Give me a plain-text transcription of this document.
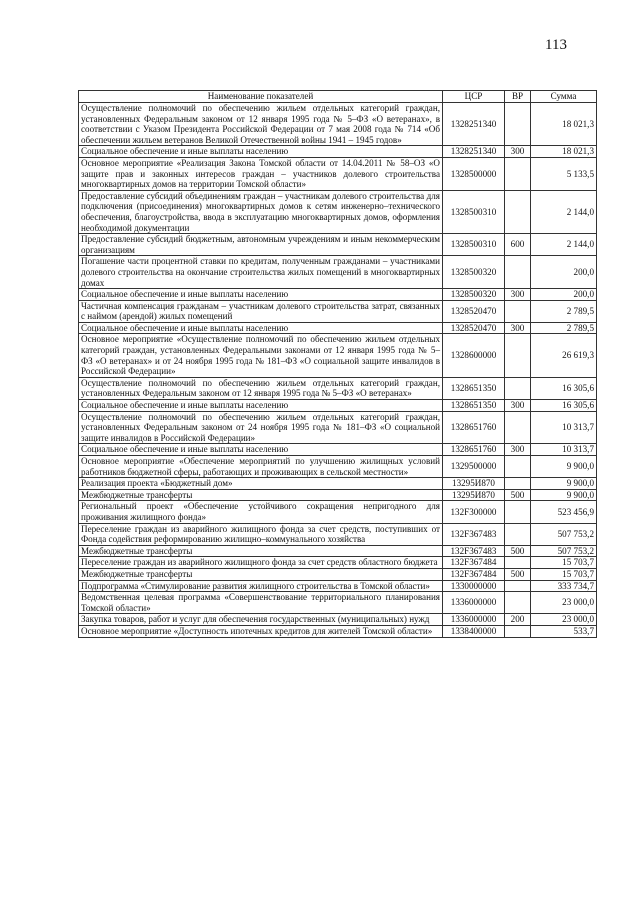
113
Наименование показателей	ЦСР	ВР	Сумма
Осуществление полномочий по обеспечению жильем отдельных категорий граждан, установленных Федеральным законом от 12 января 1995 года № 5–ФЗ «О ветеранах», в соответствии с Указом Президента Российской Федерации от 7 мая 2008 года № 714 «Об обеспечении жильем ветеранов Великой Отечественной войны 1941 – 1945 годов»	1328251340		18 021,3
Социальное обеспечение и иные выплаты населению	1328251340	300	18 021,3
Основное мероприятие «Реализация Закона Томской области от 14.04.2011 № 58–ОЗ «О защите прав и законных интересов граждан – участников долевого строительства многоквартирных домов на территории Томской области»	1328500000		5 133,5
Предоставление субсидий объединениям граждан – участникам долевого строительства для подключения (присоединения) многоквартирных домов к сетям инженерно–технического обеспечения, благоустройства, ввода в эксплуатацию многоквартирных домов, оформления необходимой документации	1328500310		2 144,0
Предоставление субсидий бюджетным, автономным учреждениям и иным некоммерческим организациям	1328500310	600	2 144,0
Погашение части процентной ставки по кредитам, полученным гражданами – участниками долевого строительства на окончание строительства жилых помещений в многоквартирных домах	1328500320		200,0
Социальное обеспечение и иные выплаты населению	1328500320	300	200,0
Частичная компенсация гражданам – участникам долевого строительства затрат, связанных с наймом (арендой) жилых помещений	1328520470		2 789,5
Социальное обеспечение и иные выплаты населению	1328520470	300	2 789,5
Основное мероприятие «Осуществление полномочий по обеспечению жильем отдельных категорий граждан, установленных Федеральными законами от 12 января 1995 года № 5–ФЗ «О ветеранах» и от 24 ноября 1995 года № 181–ФЗ «О социальной защите инвалидов в Российской Федерации»	1328600000		26 619,3
Осуществление полномочий по обеспечению жильем отдельных категорий граждан, установленных Федеральным законом от 12 января 1995 года № 5–ФЗ «О ветеранах»	1328651350		16 305,6
Социальное обеспечение и иные выплаты населению	1328651350	300	16 305,6
Осуществление полномочий по обеспечению жильем отдельных категорий граждан, установленных Федеральным законом от 24 ноября 1995 года № 181–ФЗ «О социальной защите инвалидов в Российской Федерации»	1328651760		10 313,7
Социальное обеспечение и иные выплаты населению	1328651760	300	10 313,7
Основное мероприятие «Обеспечение мероприятий по улучшению жилищных условий работников бюджетной сферы, работающих и проживающих в сельской местности»	1329500000		9 900,0
Реализация проекта «Бюджетный дом»	13295И870		9 900,0
Межбюджетные трансферты	13295И870	500	9 900,0
Региональный проект «Обеспечение устойчивого сокращения непригодного для проживания жилищного фонда»	132F300000		523 456,9
Переселение граждан из аварийного жилищного фонда за счет средств, поступивших от Фонда содействия реформированию жилищно–коммунального хозяйства	132F367483		507 753,2
Межбюджетные трансферты	132F367483	500	507 753,2
Переселение граждан из аварийного жилищного фонда за счет средств областного бюджета	132F367484		15 703,7
Межбюджетные трансферты	132F367484	500	15 703,7
Подпрограмма «Стимулирование развития жилищного строительства в Томской области»	1330000000		333 734,7
Ведомственная целевая программа «Совершенствование территориального планирования Томской области»	1336000000		23 000,0
Закупка товаров, работ и услуг для обеспечения государственных (муниципальных) нужд	1336000000	200	23 000,0
Основное мероприятие «Доступность ипотечных кредитов для жителей Томской области»	1338400000		533,7
